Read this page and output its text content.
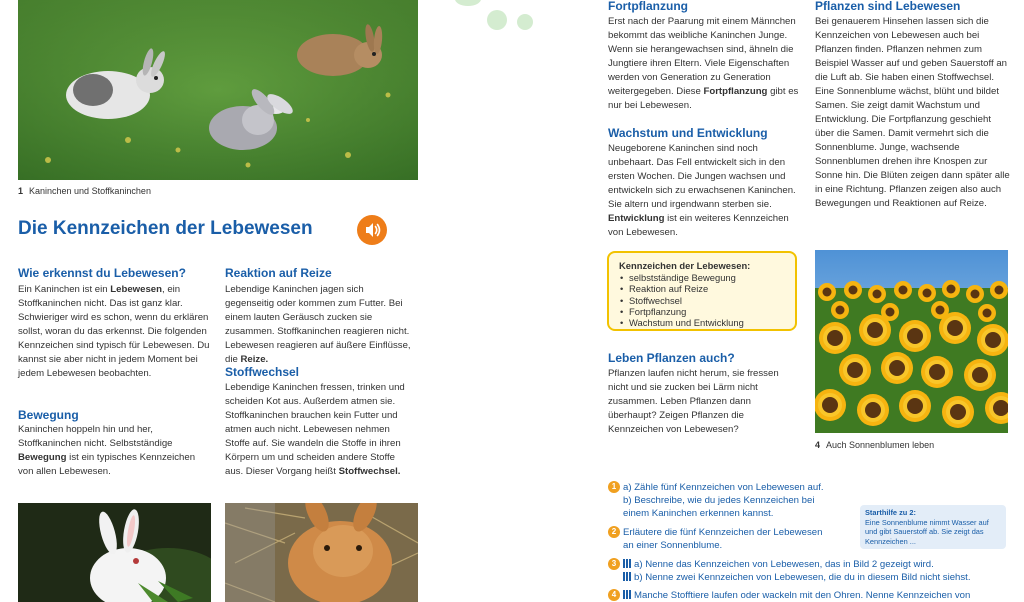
1 Kaninchen und Stoffkaninchen
Die Kennzeichen der Lebewesen
Wie erkennst du Lebewesen?

Ein Kaninchen ist ein Lebewesen, ein Stoffkaninchen nicht. Das ist ganz klar. Schwieriger wird es schon, wenn du erklären sollst, woran du das erkennst. Die folgenden Kennzeichen sind typisch für Lebewesen. Du kannst sie aber nicht in jedem Moment bei jedem Lebewesen beobachten.

Bewegung

Kaninchen hoppeln hin und her, Stoffkaninchen nicht. Selbstständige Bewegung ist ein typisches Kennzeichen von allen Lebewesen.

Reaktion auf Reize

Lebendige Kaninchen jagen sich gegenseitig oder kommen zum Futter. Bei einem lauten Geräusch zucken sie zusammen. Stoffkaninchen reagieren nicht. Lebewesen reagieren auf äußere Einflüsse, die Reize.

Stoffwechsel

Lebendige Kaninchen fressen, trinken und scheiden Kot aus. Außerdem atmen sie. Stoffkaninchen brauchen kein Futter und atmen auch nicht. Lebewesen nehmen Stoffe auf. Sie wandeln die Stoffe in ihren Körpern um und scheiden andere Stoffe aus. Dieser Vorgang heißt Stoffwechsel.

Fortpflanzung

Erst nach der Paarung mit einem Männchen bekommt das weibliche Kaninchen Junge. Wenn sie herangewachsen sind, ähneln die Jungtiere ihren Eltern. Viele Eigenschaften werden von Generation zu Generation weitergegeben. Diese Fortpflanzung gibt es nur bei Lebewesen.

Wachstum und Entwicklung

Neugeborene Kaninchen sind noch unbehaart. Das Fell entwickelt sich in den ersten Wochen. Die Jungen wachsen und entwickeln sich zu erwachsenen Kaninchen. Sie altern und irgendwann sterben sie. Entwicklung ist ein weiteres Kennzeichen von Lebewesen.

Kennzeichen der Lebewesen:

• selbstständige Bewegung
• Reaktion auf Reize
• Stoffwechsel
• Fortpflanzung
• Wachstum und Entwicklung
Leben Pflanzen auch?

Pflanzen laufen nicht herum, sie fressen nicht und sie zucken bei Lärm nicht zusammen. Leben Pflanzen dann überhaupt? Zeigen Pflanzen die Kennzeichen von Lebewesen?

Pflanzen sind Lebewesen

Bei genauerem Hinsehen lassen sich die Kennzeichen von Lebewesen auch bei Pflanzen finden. Pflanzen nehmen zum Beispiel Wasser auf und geben Sauerstoff an die Luft ab. Sie haben einen Stoffwechsel. Eine Sonnenblume wächst, blüht und bildet Samen. Sie zeigt damit Wachstum und Entwicklung. Die Fortpflanzung geschieht über die Samen. Damit vermehrt sich die Sonnenblume. Junge, wachsende Sonnenblumen drehen ihre Knospen zur Sonne hin. Die Blüten zeigen dann später alle in eine Richtung. Pflanzen zeigen also auch Bewegungen und Reaktionen auf Reize.

4 Auch Sonnenblumen leben
1 a) Zähle fünf Kennzeichen von Lebewesen auf.
b) Beschreibe, wie du jedes Kennzeichen bei
einem Kaninchen erkennen kannst.
2 Erläutere die fünf Kennzeichen der Lebewesen
an einer Sonnenblume.
3	a) Nenne das Kennzeichen von Lebewesen, das in Bild 2 gezeigt wird.
b) Nenne zwei Kennzeichen von Lebewesen, die du in diesem Bild nicht siehst.
4	Manche Stofftiere laufen oder wackeln mit den Ohren. Nenne Kennzeichen von
Starthilfe zu 2:
Eine Sonnenblume nimmt Wasser auf und gibt Sauerstoff ab. Sie zeigt das Kennzeichen ...
